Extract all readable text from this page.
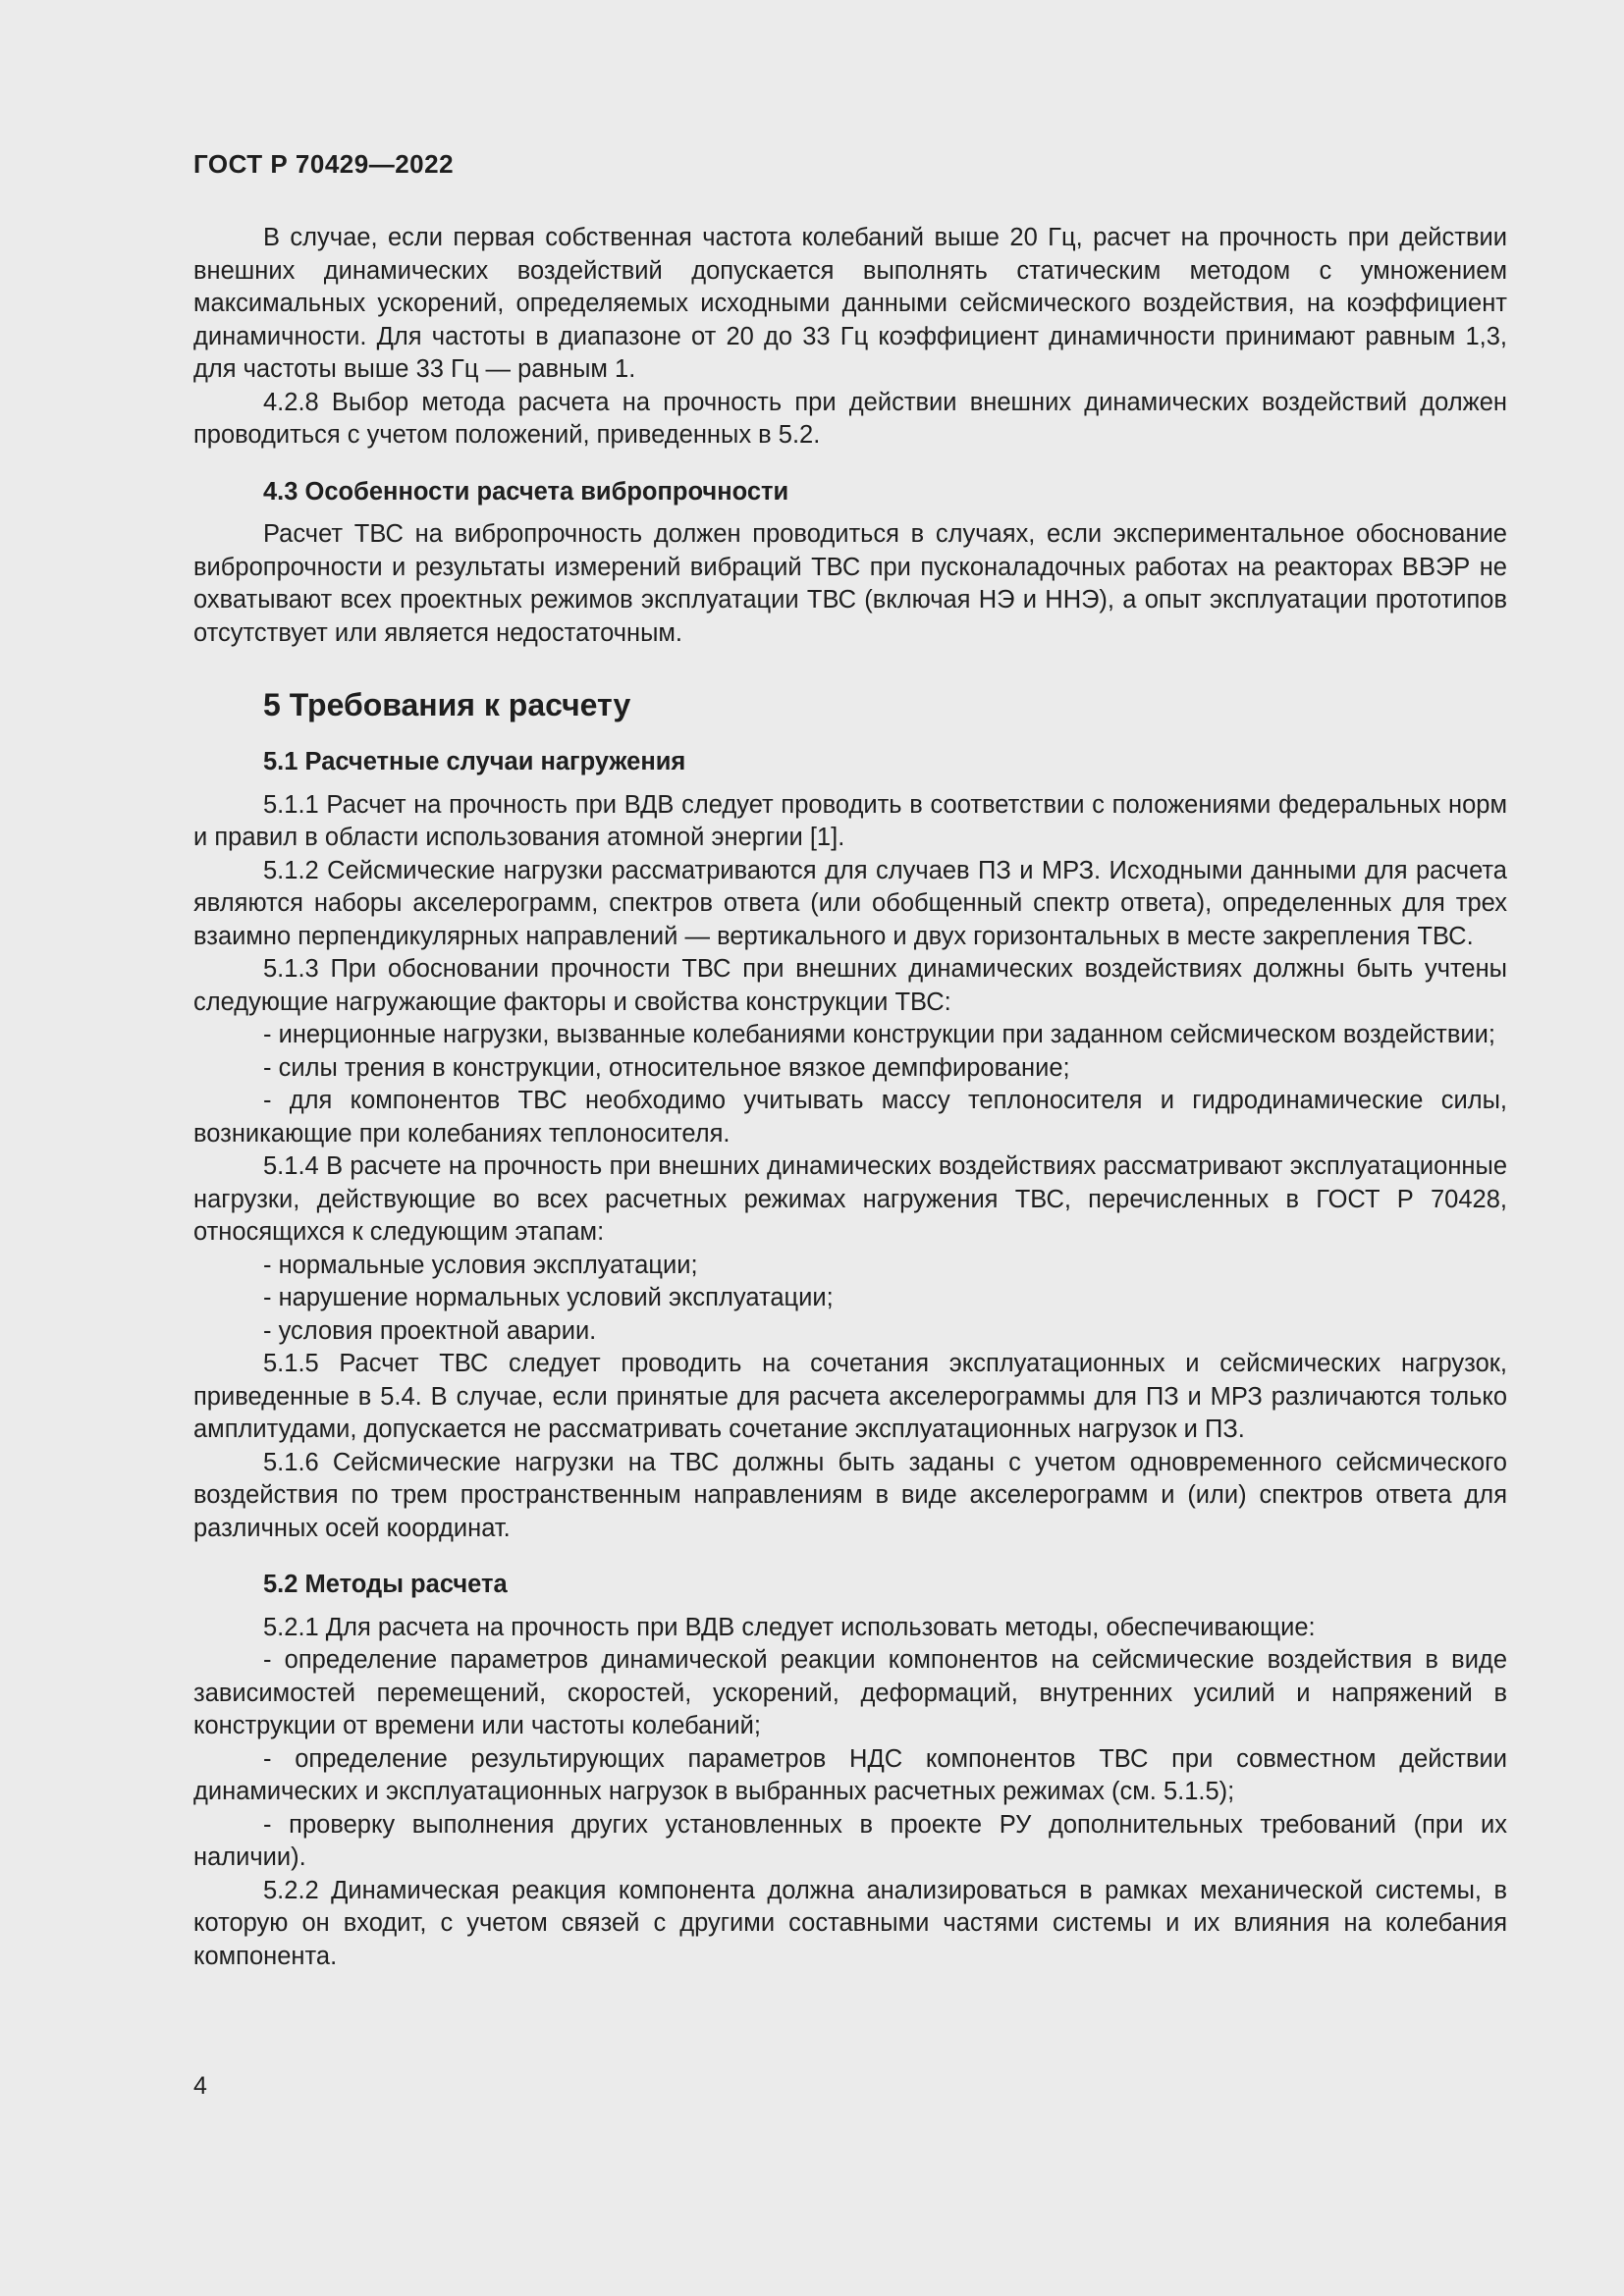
ГОСТ Р 70429—2022

В случае, если первая собственная частота колебаний выше 20 Гц, расчет на прочность при действии внешних динамических воздействий допускается выполнять статическим методом с умножением максимальных ускорений, определяемых исходными данными сейсмического воздействия, на коэффициент динамичности. Для частоты в диапазоне от 20 до 33 Гц коэффициент динамичности принимают равным 1,3, для частоты выше 33 Гц — равным 1.

4.2.8 Выбор метода расчета на прочность при действии внешних динамических воздействий должен проводиться с учетом положений, приведенных в 5.2.

4.3 Особенности расчета вибропрочности

Расчет ТВС на вибропрочность должен проводиться в случаях, если экспериментальное обоснование вибропрочности и результаты измерений вибраций ТВС при пусконаладочных работах на реакторах ВВЭР не охватывают всех проектных режимов эксплуатации ТВС (включая НЭ и ННЭ), а опыт эксплуатации прототипов отсутствует или является недостаточным.

5 Требования к расчету

5.1 Расчетные случаи нагружения

5.1.1 Расчет на прочность при ВДВ следует проводить в соответствии с положениями федеральных норм и правил в области использования атомной энергии [1].

5.1.2 Сейсмические нагрузки рассматриваются для случаев ПЗ и МРЗ. Исходными данными для расчета являются наборы акселерограмм, спектров ответа (или обобщенный спектр ответа), определенных для трех взаимно перпендикулярных направлений — вертикального и двух горизонтальных в месте закрепления ТВС.

5.1.3 При обосновании прочности ТВС при внешних динамических воздействиях должны быть учтены следующие нагружающие факторы и свойства конструкции ТВС:

- инерционные нагрузки, вызванные колебаниями конструкции при заданном сейсмическом воздействии;

- силы трения в конструкции, относительное вязкое демпфирование;

- для компонентов ТВС необходимо учитывать массу теплоносителя и гидродинамические силы, возникающие при колебаниях теплоносителя.

5.1.4 В расчете на прочность при внешних динамических воздействиях рассматривают эксплуатационные нагрузки, действующие во всех расчетных режимах нагружения ТВС, перечисленных в ГОСТ Р 70428, относящихся к следующим этапам:

- нормальные условия эксплуатации;

- нарушение нормальных условий эксплуатации;

- условия проектной аварии.

5.1.5 Расчет ТВС следует проводить на сочетания эксплуатационных и сейсмических нагрузок, приведенные в 5.4. В случае, если принятые для расчета акселерограммы для ПЗ и МРЗ различаются только амплитудами, допускается не рассматривать сочетание эксплуатационных нагрузок и ПЗ.

5.1.6 Сейсмические нагрузки на ТВС должны быть заданы с учетом одновременного сейсмического воздействия по трем пространственным направлениям в виде акселерограмм и (или) спектров ответа для различных осей координат.

5.2 Методы расчета

5.2.1 Для расчета на прочность при ВДВ следует использовать методы, обеспечивающие:

- определение параметров динамической реакции компонентов на сейсмические воздействия в виде зависимостей перемещений, скоростей, ускорений, деформаций, внутренних усилий и напряжений в конструкции от времени или частоты колебаний;

- определение результирующих параметров НДС компонентов ТВС при совместном действии динамических и эксплуатационных нагрузок в выбранных расчетных режимах (см. 5.1.5);

- проверку выполнения других установленных в проекте РУ дополнительных требований (при их наличии).

5.2.2 Динамическая реакция компонента должна анализироваться в рамках механической системы, в которую он входит, с учетом связей с другими составными частями системы и их влияния на колебания компонента.

4
